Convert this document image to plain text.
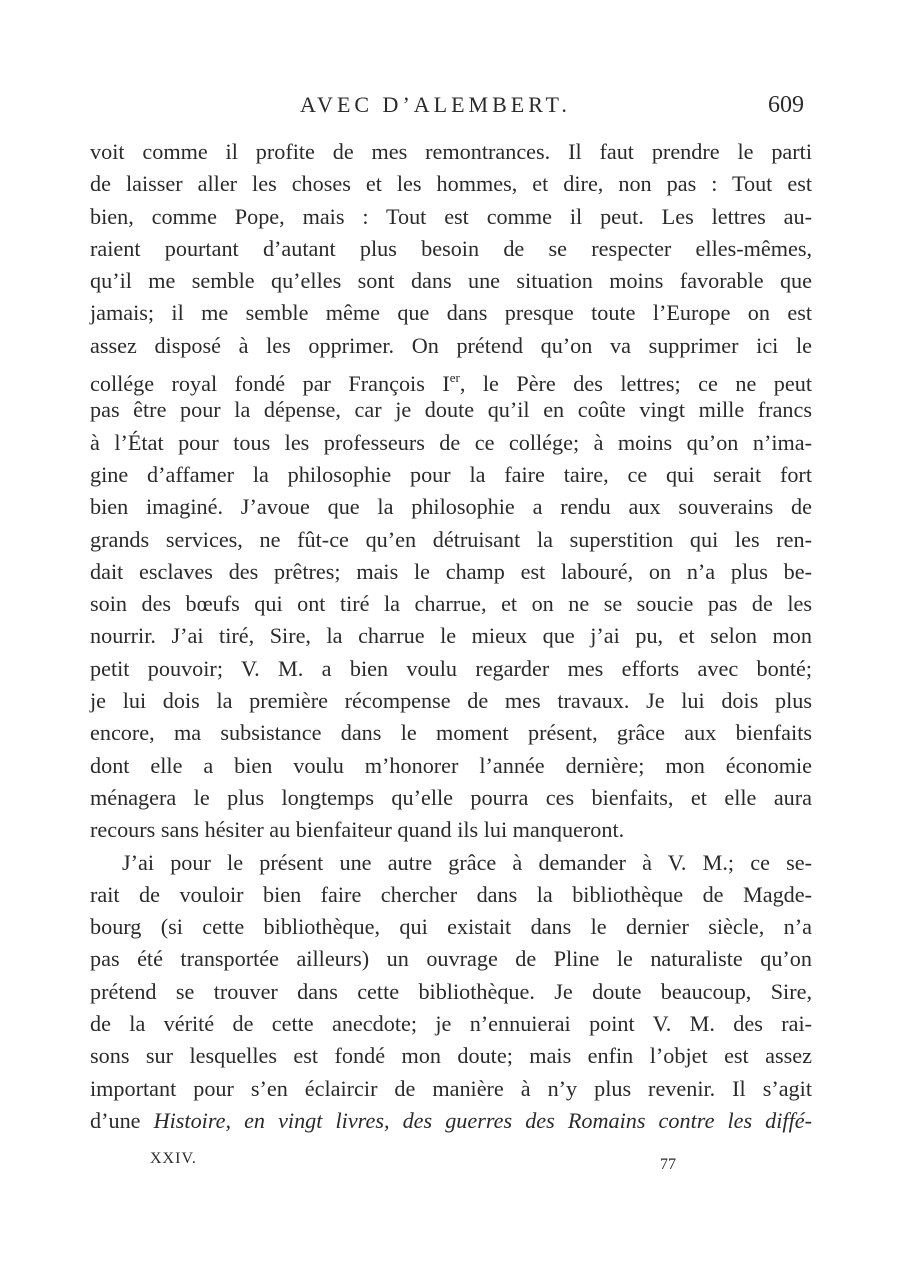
AVEC D’ALEMBERT.	609
voit comme il profite de mes remontrances. Il faut prendre le parti
de laisser aller les choses et les hommes, et dire, non pas : Tout est
bien, comme Pope, mais : Tout est comme il peut. Les lettres au-
raient pourtant d’autant plus besoin de se respecter elles-mêmes,
qu’il me semble qu’elles sont dans une situation moins favorable que
jamais; il me semble même que dans presque toute l’Europe on est
assez disposé à les opprimer. On prétend qu’on va supprimer ici le
collége royal fondé par François Ier, le Père des lettres; ce ne peut
pas être pour la dépense, car je doute qu’il en coûte vingt mille francs
à l’État pour tous les professeurs de ce collége; à moins qu’on n’ima-
gine d’affamer la philosophie pour la faire taire, ce qui serait fort
bien imaginé. J’avoue que la philosophie a rendu aux souverains de
grands services, ne fût-ce qu’en détruisant la superstition qui les ren-
dait esclaves des prêtres; mais le champ est labouré, on n’a plus be-
soin des bœufs qui ont tiré la charrue, et on ne se soucie pas de les
nourrir. J’ai tiré, Sire, la charrue le mieux que j’ai pu, et selon mon
petit pouvoir; V. M. a bien voulu regarder mes efforts avec bonté;
je lui dois la première récompense de mes travaux. Je lui dois plus
encore, ma subsistance dans le moment présent, grâce aux bienfaits
dont elle a bien voulu m’honorer l’année dernière; mon économie
ménagera le plus longtemps qu’elle pourra ces bienfaits, et elle aura
recours sans hésiter au bienfaiteur quand ils lui manqueront.
J’ai pour le présent une autre grâce à demander à V. M.; ce se-
rait de vouloir bien faire chercher dans la bibliothèque de Magde-
bourg (si cette bibliothèque, qui existait dans le dernier siècle, n’a
pas été transportée ailleurs) un ouvrage de Pline le naturaliste qu’on
prétend se trouver dans cette bibliothèque. Je doute beaucoup, Sire,
de la vérité de cette anecdote; je n’ennuierai point V. M. des rai-
sons sur lesquelles est fondé mon doute; mais enfin l’objet est assez
important pour s’en éclaircir de manière à n’y plus revenir. Il s’agit
d’une Histoire, en vingt livres, des guerres des Romains contre les diffé-
XXIV.	77
